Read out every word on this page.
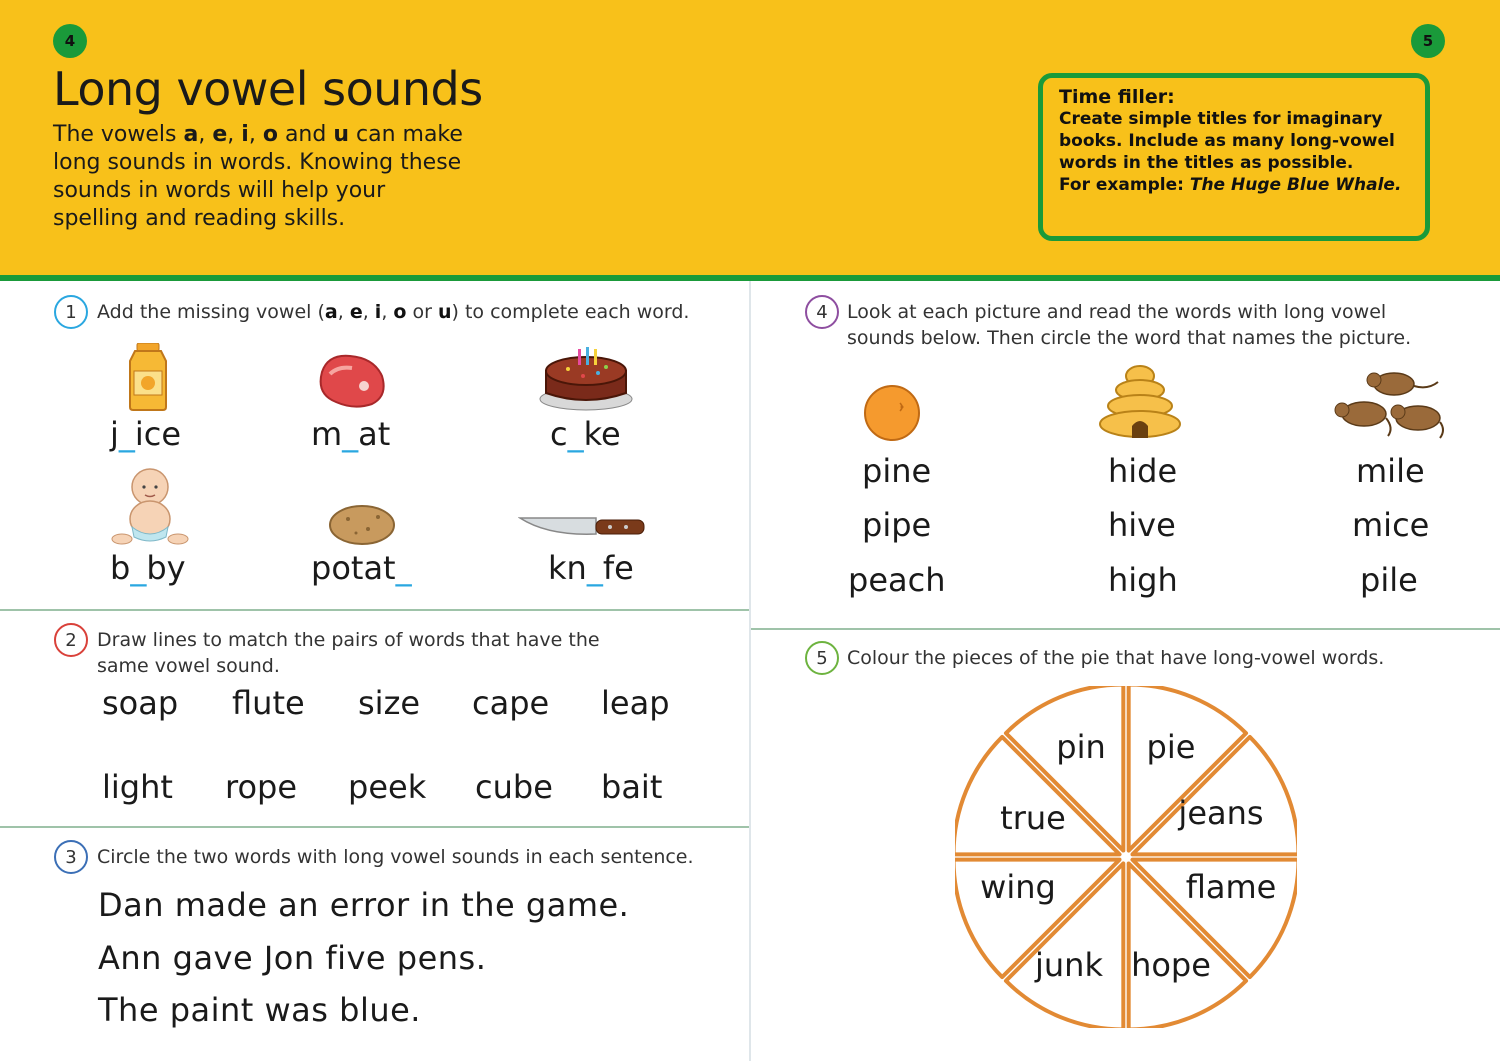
4	5
Long vowel sounds

The vowels a, e, i, o and u can make long sounds in words. Knowing these sounds in words will help your spelling and reading skills.

Time filler:
Create simple titles for imaginary books. Include as many long-vowel words in the titles as possible.
For example: The Huge Blue Whale.
1	Add the missing vowel (a, e, i, o or u) to complete each word.

j_ice	m_at	c_ke
b_by	potat_	kn_fe
2	Draw lines to match the pairs of words that have the same vowel sound.

soap flute size cape leap
light rope peek cube bait
3	Circle the two words with long vowel sounds in each sentence.

Dan made an error in the game.
Ann gave Jon five pens.
The paint was blue.
4	Look at each picture and read the words with long vowel sounds below. Then circle the word that names the picture.

pine
pipe
peach
hide
hive
high
mile
mice
pile
5	Colour the pieces of the pie that have long-vowel words.

pin pie
jeans
flame
hope
junk
wing
true
